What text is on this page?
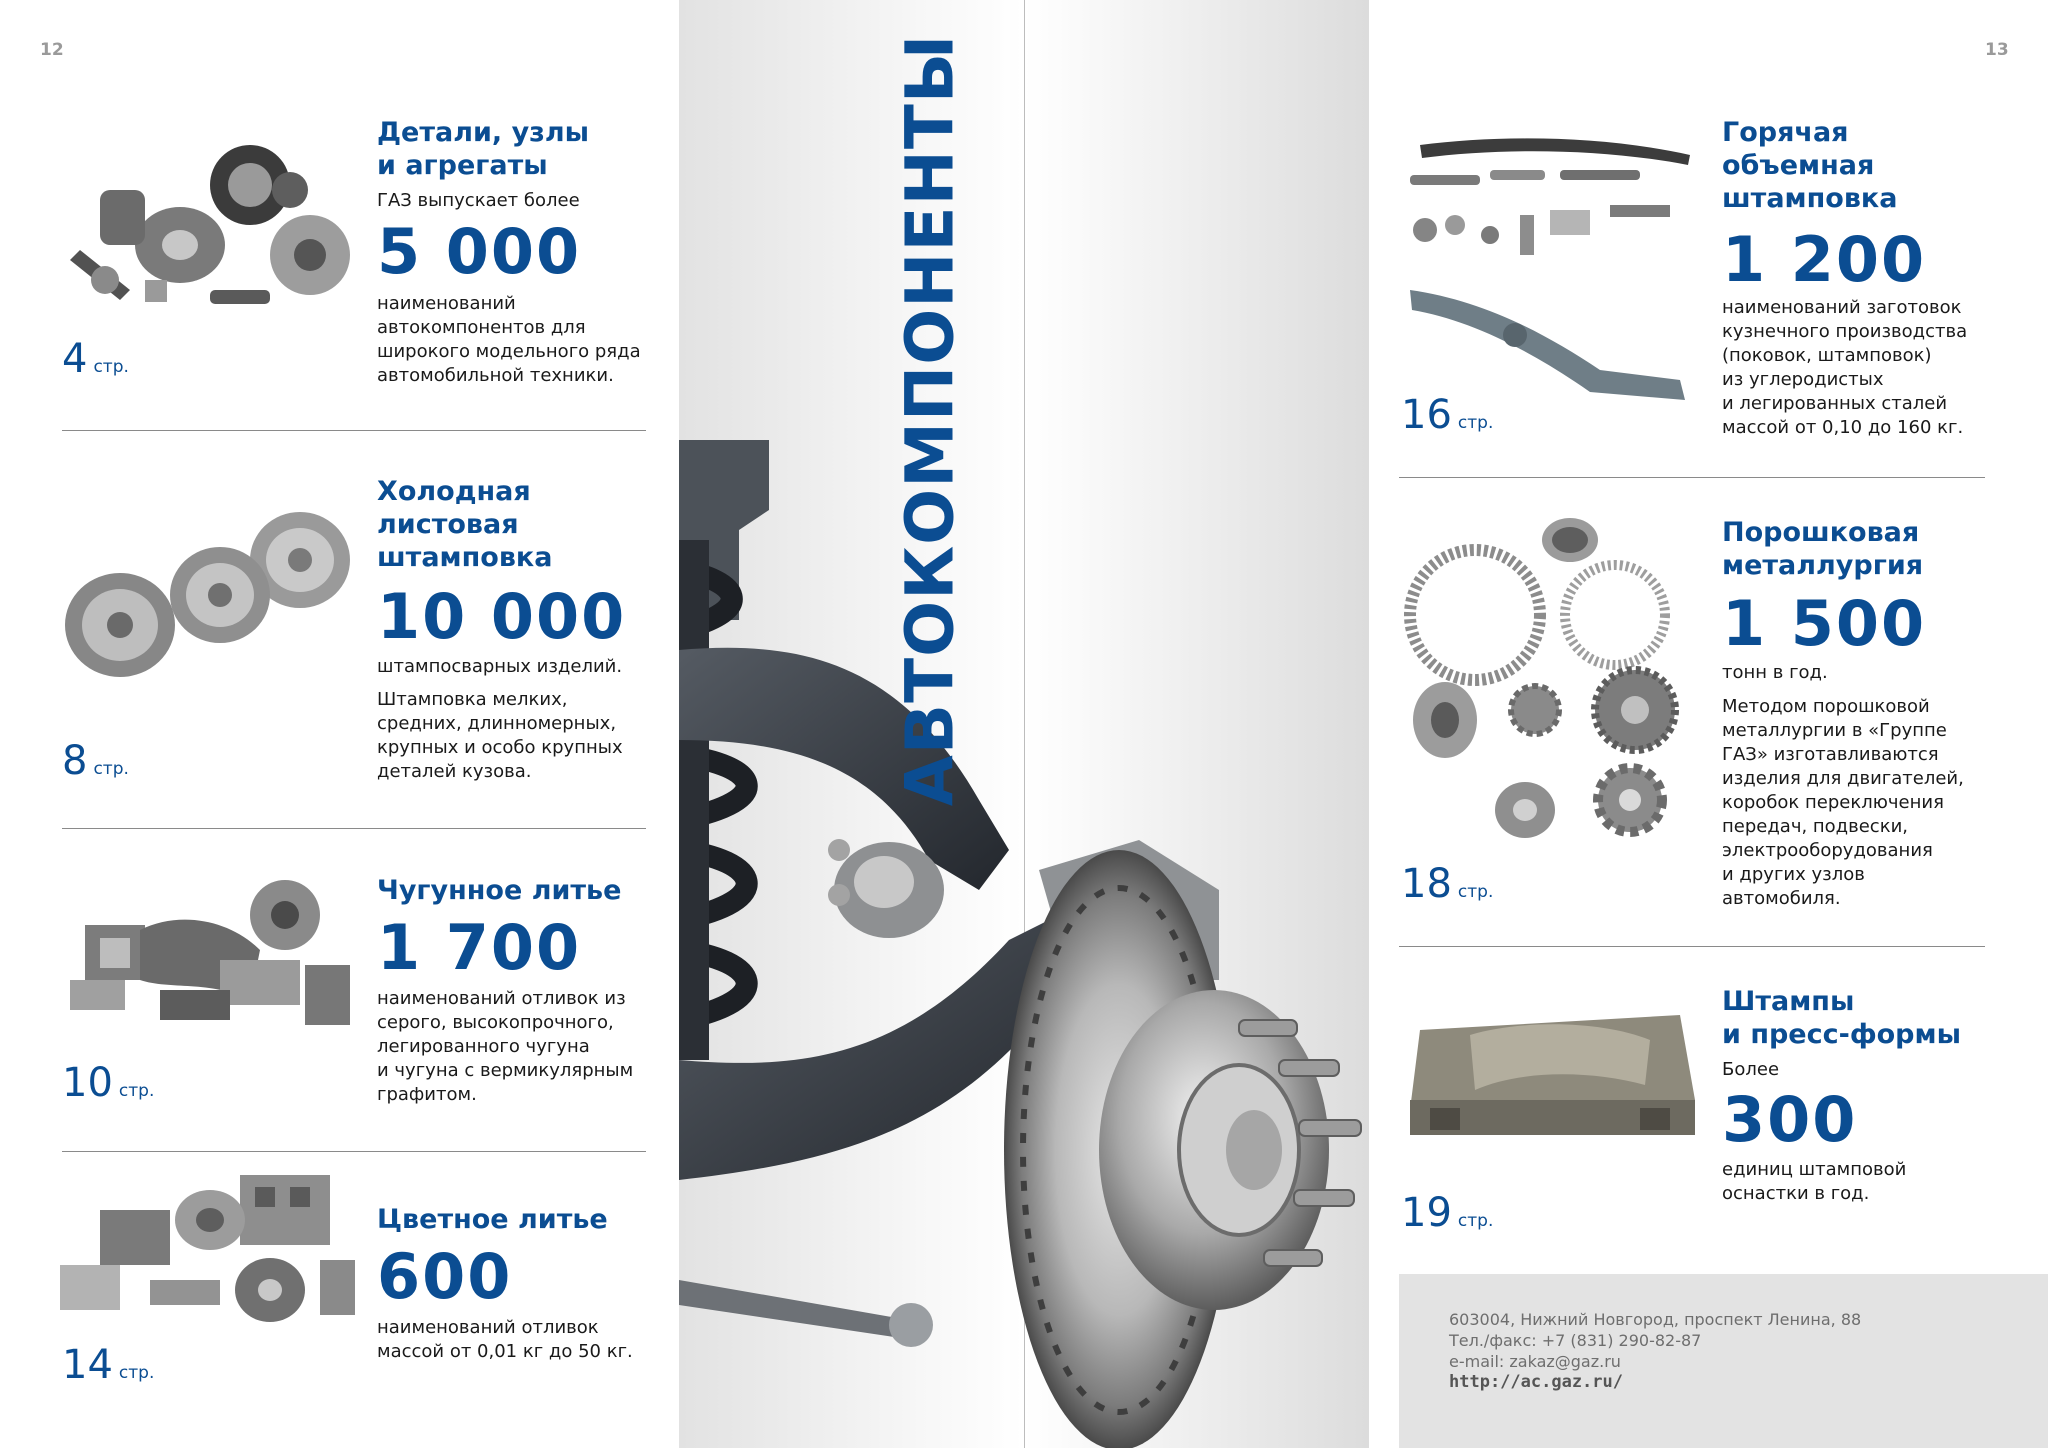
12	13
АВТОКОМПОНЕНТЫ
Детали, узлы
и агрегаты
ГАЗ выпускает более
5 000
наименований
автокомпонентов для
широкого модельного ряда
автомобильной техники.
4 стр.
Холодная
листовая
штамповка
10 000
штампосварных изделий.
Штамповка мелких,
средних, длинномерных,
крупных и особо крупных
деталей кузова.
8 стр.
Чугунное литье
1 700
наименований отливок из
серого, высокопрочного,
легированного чугуна
и чугуна с вермикулярным
графитом.
10 стр.
Цветное литье
600
наименований отливок
массой от 0,01 кг до 50 кг.
14 стр.
Горячая
объемная
штамповка
1 200
наименований заготовок
кузнечного производства
(поковок, штамповок)
из углеродистых
и легированных сталей
массой от 0,10 до 160 кг.
16 стр.
Порошковая
металлургия
1 500
тонн в год.
Методом порошковой
металлургии в «Группе
ГАЗ» изготавливаются
изделия для двигателей,
коробок переключения
передач, подвески,
электрооборудования
и других узлов
автомобиля.
18 стр.
Штампы
и пресс-формы
Более
300
единиц штамповой
оснастки в год.
19 стр.
603004, Нижний Новгород, проспект Ленина, 88
Тел./факс: +7 (831) 290-82-87
e-mail: zakaz@gaz.ru
http://ac.gaz.ru/
